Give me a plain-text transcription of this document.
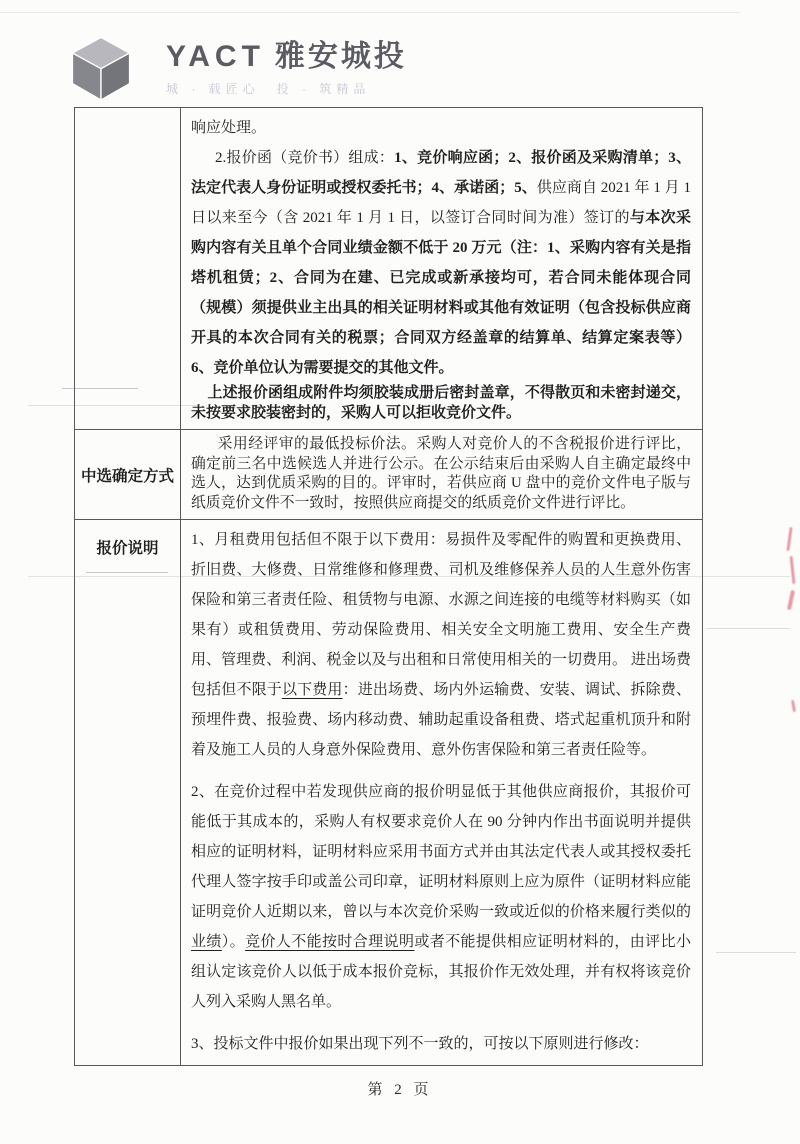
YACT 雅安城投
城 · 载匠心　投 · 筑精品

响应处理。

2.报价函（竞价书）组成：1、竞价响应函；2、报价函及采购清单；3、法定代表人身份证明或授权委托书；4、承诺函；5、供应商自 2021 年 1 月 1 日以来至今（含 2021 年 1 月 1 日，以签订合同时间为准）签订的与本次采购内容有关且单个合同业绩金额不低于 20 万元（注：1、采购内容有关是指塔机租赁；2、合同为在建、已完成或新承接均可，若合同未能体现合同（规模）须提供业主出具的相关证明材料或其他有效证明（包含投标供应商开具的本次合同有关的税票；合同双方经盖章的结算单、结算定案表等）6、竞价单位认为需要提交的其他文件。

上述报价函组成附件均须胶装成册后密封盖章，不得散页和未密封递交，未按要求胶装密封的，采购人可以拒收竞价文件。

中选确定方式

采用经评审的最低投标价法。采购人对竞价人的不含税报价进行评比，确定前三名中选候选人并进行公示。在公示结束后由采购人自主确定最终中选人，达到优质采购的目的。评审时，若供应商 U 盘中的竞价文件电子版与纸质竞价文件不一致时，按照供应商提交的纸质竞价文件进行评比。

报价说明	1、月租费用包括但不限于以下费用：易损件及零配件的购置和更换费用、折旧费、大修费、日常维修和修理费、司机及维修保养人员的人生意外伤害保险和第三者责任险、租赁物与电源、水源之间连接的电缆等材料购买（如果有）或租赁费用、劳动保险费用、相关安全文明施工费用、安全生产费用、管理费、利润、税金以及与出租和日常使用相关的一切费用。 进出场费包括但不限于以下费用：进出场费、场内外运输费、安装、调试、拆除费、预埋件费、报验费、场内移动费、辅助起重设备租费、塔式起重机顶升和附着及施工人员的人身意外保险费用、意外伤害保险和第三者责任险等。

2、在竞价过程中若发现供应商的报价明显低于其他供应商报价，其报价可能低于其成本的，采购人有权要求竞价人在 90 分钟内作出书面说明并提供相应的证明材料，证明材料应采用书面方式并由其法定代表人或其授权委托代理人签字按手印或盖公司印章，证明材料原则上应为原件（证明材料应能证明竞价人近期以来，曾以与本次竞价采购一致或近似的价格来履行类似的业绩）。竞价人不能按时合理说明或者不能提供相应证明材料的，由评比小组认定该竞价人以低于成本报价竞标，其报价作无效处理，并有权将该竞价人列入采购人黑名单。

3、投标文件中报价如果出现下列不一致的，可按以下原则进行修改：

第 2 页
